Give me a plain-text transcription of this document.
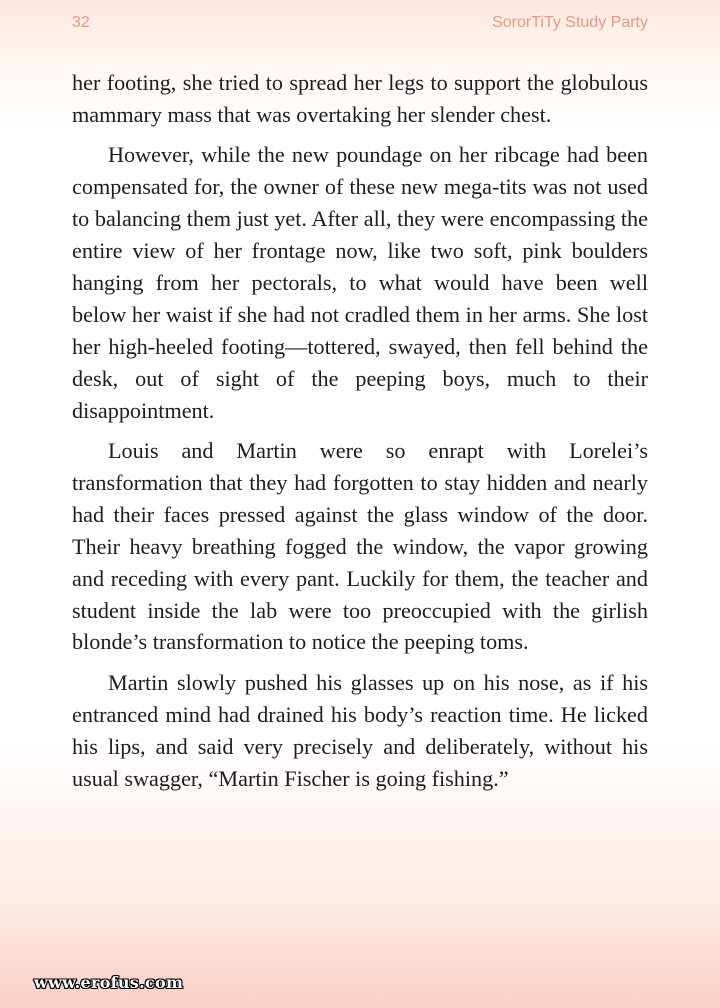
32	SororTiTy Study Party

her footing, she tried to spread her legs to support the globulous mammary mass that was overtaking her slender chest.

However, while the new poundage on her ribcage had been compensated for, the owner of these new mega-tits was not used to balancing them just yet. After all, they were encompassing the entire view of her frontage now, like two soft, pink boulders hanging from her pectorals, to what would have been well below her waist if she had not cradled them in her arms. She lost her high-heeled footing—tottered, swayed, then fell behind the desk, out of sight of the peeping boys, much to their disappointment.

Louis and Martin were so enrapt with Lorelei’s transformation that they had forgotten to stay hidden and nearly had their faces pressed against the glass window of the door. Their heavy breathing fogged the window, the vapor growing and receding with every pant. Luckily for them, the teacher and student inside the lab were too preoccupied with the girlish blonde’s transformation to notice the peeping toms.

Martin slowly pushed his glasses up on his nose, as if his entranced mind had drained his body’s reaction time. He licked his lips, and said very precisely and deliberately, without his usual swagger, “Martin Fischer is going fishing.”

www.erofus.com
